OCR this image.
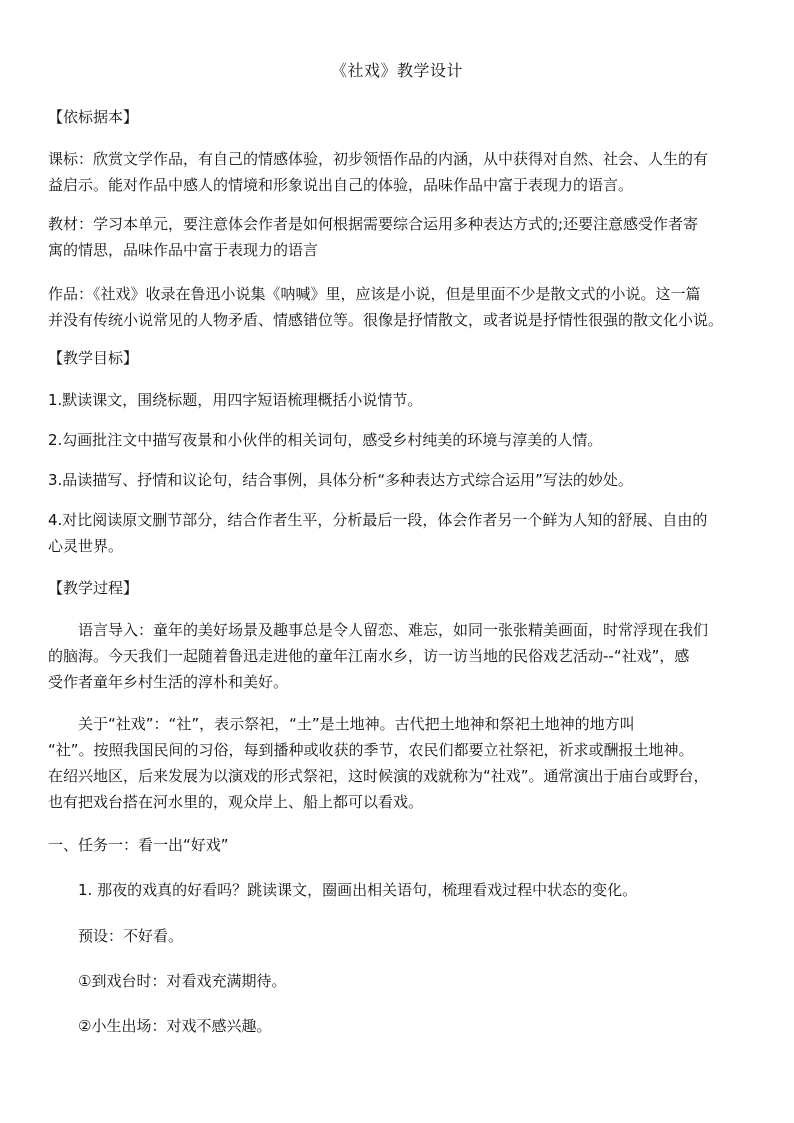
《社戏》教学设计
【依标据本】
课标：欣赏文学作品，有自己的情感体验，初步领悟作品的内涵，从中获得对自然、社会、人生的有
益启示。能对作品中感人的情境和形象说出自己的体验，品味作品中富于表现力的语言。
教材：学习本单元，要注意体会作者是如何根据需要综合运用多种表达方式的;还要注意感受作者寄
寓的情思，品味作品中富于表现力的语言
作品：《社戏》收录在鲁迅小说集《呐喊》里，应该是小说，但是里面不少是散文式的小说。这一篇
并没有传统小说常见的人物矛盾、情感错位等。很像是抒情散文，或者说是抒情性很强的散文化小说。
【教学目标】
1.默读课文，围绕标题，用四字短语梳理概括小说情节。
2.勾画批注文中描写夜景和小伙伴的相关词句，感受乡村纯美的环境与淳美的人情。
3.品读描写、抒情和议论句，结合事例，具体分析“多种表达方式综合运用”写法的妙处。
4.对比阅读原文删节部分，结合作者生平，分析最后一段，体会作者另一个鲜为人知的舒展、自由的
心灵世界。
【教学过程】
语言导入：童年的美好场景及趣事总是令人留恋、难忘，如同一张张精美画面，时常浮现在我们
的脑海。今天我们一起随着鲁迅走进他的童年江南水乡，访一访当地的民俗戏艺活动--“社戏”，感
受作者童年乡村生活的淳朴和美好。
关于“社戏”：“社”，表示祭祀，“土”是土地神。古代把土地神和祭祀土地神的地方叫
“社”。按照我国民间的习俗，每到播种或收获的季节，农民们都要立社祭祀，祈求或酬报土地神。
在绍兴地区，后来发展为以演戏的形式祭祀，这时候演的戏就称为“社戏”。通常演出于庙台或野台，
也有把戏台搭在河水里的，观众岸上、船上都可以看戏。
一、任务一：看一出“好戏”
1. 那夜的戏真的好看吗？跳读课文，圈画出相关语句，梳理看戏过程中状态的变化。
预设：不好看。
①到戏台时：对看戏充满期待。
②小生出场：对戏不感兴趣。
